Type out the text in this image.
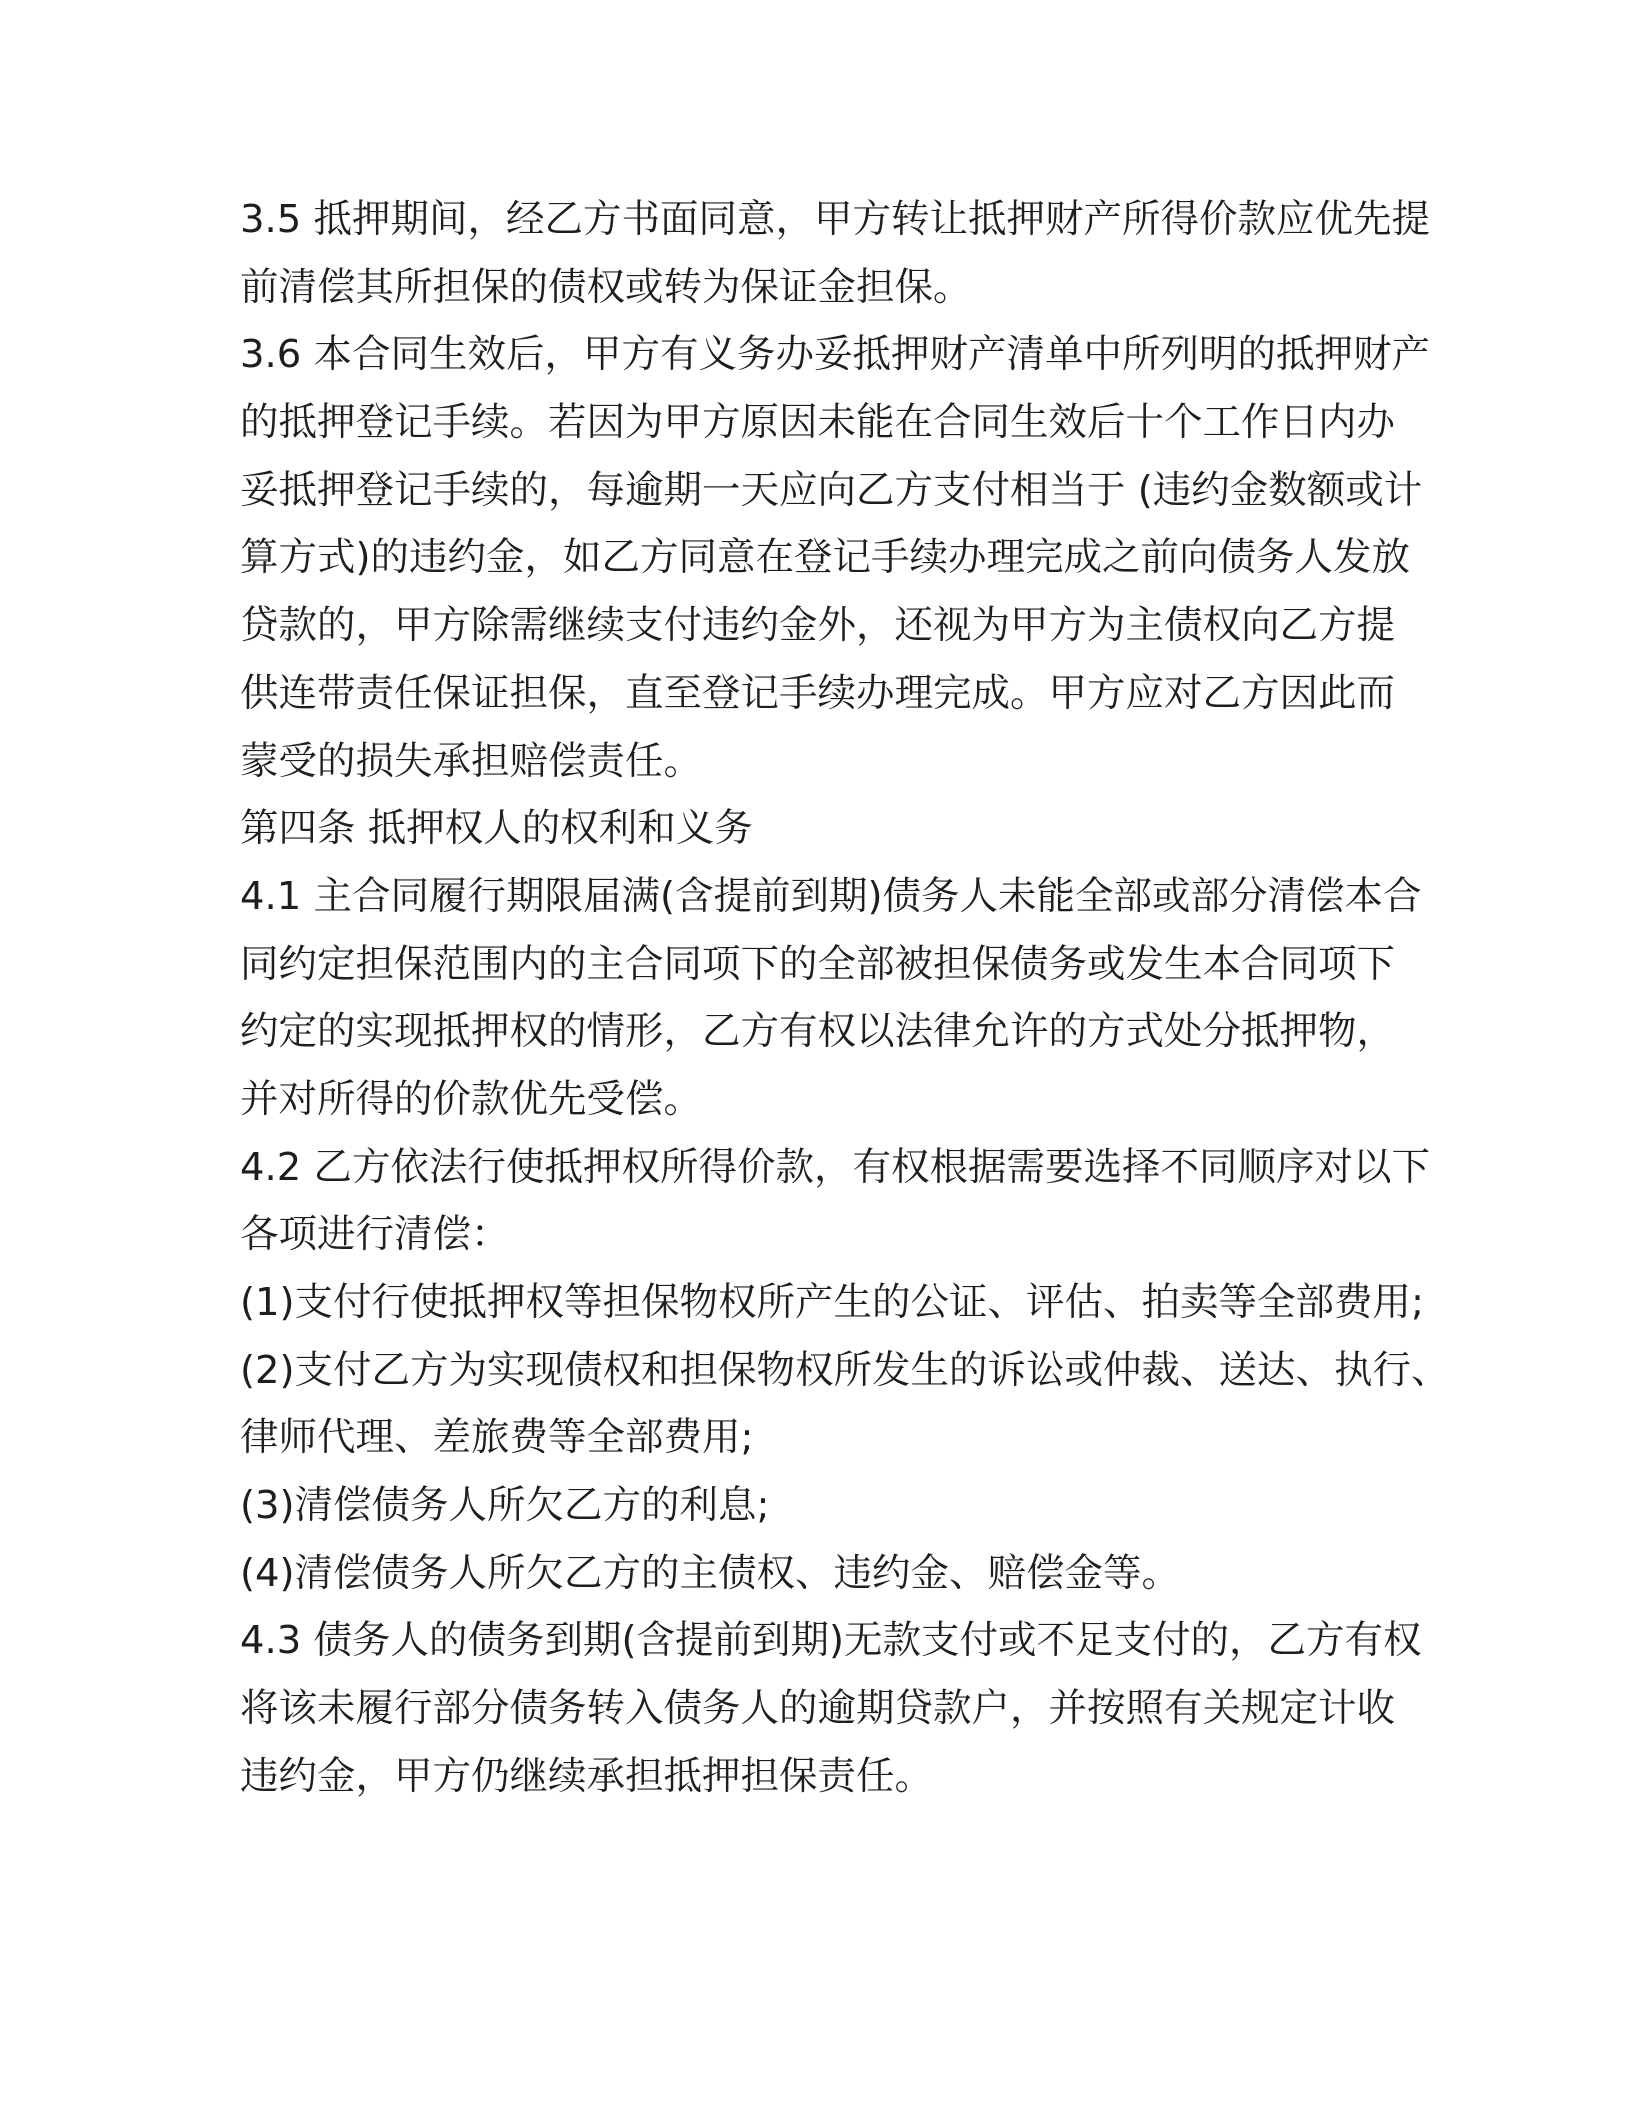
3.5 抵押期间，经乙方书面同意，甲方转让抵押财产所得价款应优先提

前清偿其所担保的债权或转为保证金担保。

3.6 本合同生效后，甲方有义务办妥抵押财产清单中所列明的抵押财产

的抵押登记手续。若因为甲方原因未能在合同生效后十个工作日内办

妥抵押登记手续的，每逾期一天应向乙方支付相当于 (违约金数额或计

算方式)的违约金，如乙方同意在登记手续办理完成之前向债务人发放

贷款的，甲方除需继续支付违约金外，还视为甲方为主债权向乙方提

供连带责任保证担保，直至登记手续办理完成。甲方应对乙方因此而

蒙受的损失承担赔偿责任。

第四条 抵押权人的权利和义务

4.1 主合同履行期限届满(含提前到期)债务人未能全部或部分清偿本合

同约定担保范围内的主合同项下的全部被担保债务或发生本合同项下

约定的实现抵押权的情形，乙方有权以法律允许的方式处分抵押物，

并对所得的价款优先受偿。

4.2 乙方依法行使抵押权所得价款，有权根据需要选择不同顺序对以下

各项进行清偿：

(1)支付行使抵押权等担保物权所产生的公证、评估、拍卖等全部费用;

(2)支付乙方为实现债权和担保物权所发生的诉讼或仲裁、送达、执行、

律师代理、差旅费等全部费用;

(3)清偿债务人所欠乙方的利息;

(4)清偿债务人所欠乙方的主债权、违约金、赔偿金等。

4.3 债务人的债务到期(含提前到期)无款支付或不足支付的，乙方有权

将该未履行部分债务转入债务人的逾期贷款户，并按照有关规定计收

违约金，甲方仍继续承担抵押担保责任。
